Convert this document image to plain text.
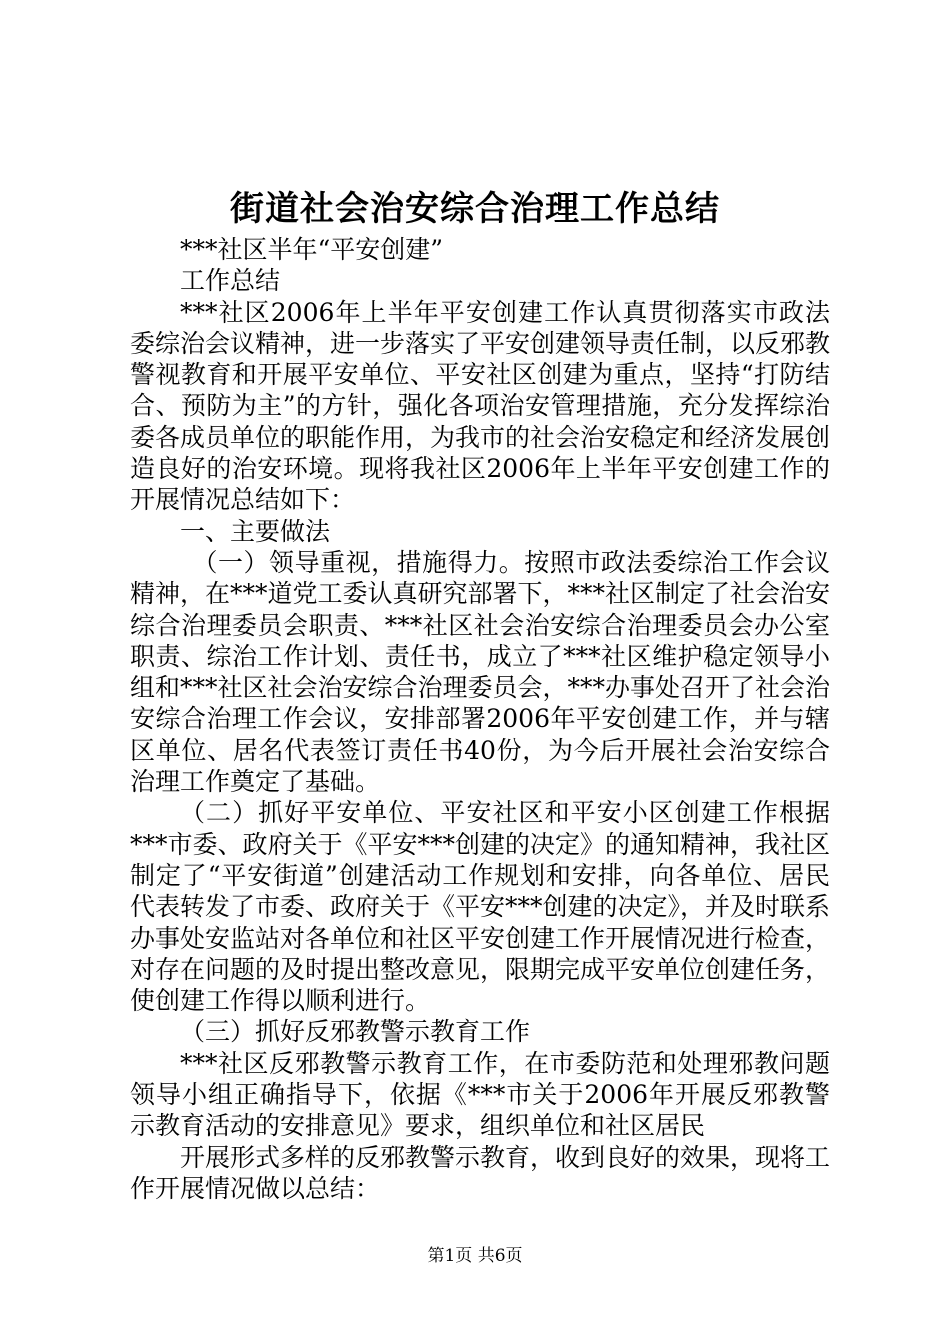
街道社会治安综合治理工作总结

***社区半年“平安创建”

工作总结

***社区2006年上半年平安创建工作认真贯彻落实市政法委综治会议精神，进一步落实了平安创建领导责任制，以反邪教警视教育和开展平安单位、平安社区创建为重点，坚持“打防结合、预防为主”的方针，强化各项治安管理措施，充分发挥综治委各成员单位的职能作用，为我市的社会治安稳定和经济发展创造良好的治安环境。现将我社区2006年上半年平安创建工作的开展情况总结如下：

一、主要做法

（一）领导重视，措施得力。按照市政法委综治工作会议精神，在***道党工委认真研究部署下，***社区制定了社会治安综合治理委员会职责、***社区社会治安综合治理委员会办公室职责、综治工作计划、责任书，成立了***社区维护稳定领导小组和***社区社会治安综合治理委员会，***办事处召开了社会治安综合治理工作会议，安排部署2006年平安创建工作，并与辖区单位、居名代表签订责任书40份，为今后开展社会治安综合治理工作奠定了基础。

（二）抓好平安单位、平安社区和平安小区创建工作根据***市委、政府关于《平安***创建的决定》的通知精神，我社区制定了“平安街道”创建活动工作规划和安排，向各单位、居民代表转发了市委、政府关于《平安***创建的决定》，并及时联系办事处安监站对各单位和社区平安创建工作开展情况进行检查，对存在问题的及时提出整改意见，限期完成平安单位创建任务，使创建工作得以顺利进行。

（三）抓好反邪教警示教育工作

***社区反邪教警示教育工作，在市委防范和处理邪教问题领导小组正确指导下，依据《***市关于2006年开展反邪教警示教育活动的安排意见》要求，组织单位和社区居民

开展形式多样的反邪教警示教育，收到良好的效果，现将工作开展情况做以总结：

第1页 共6页
